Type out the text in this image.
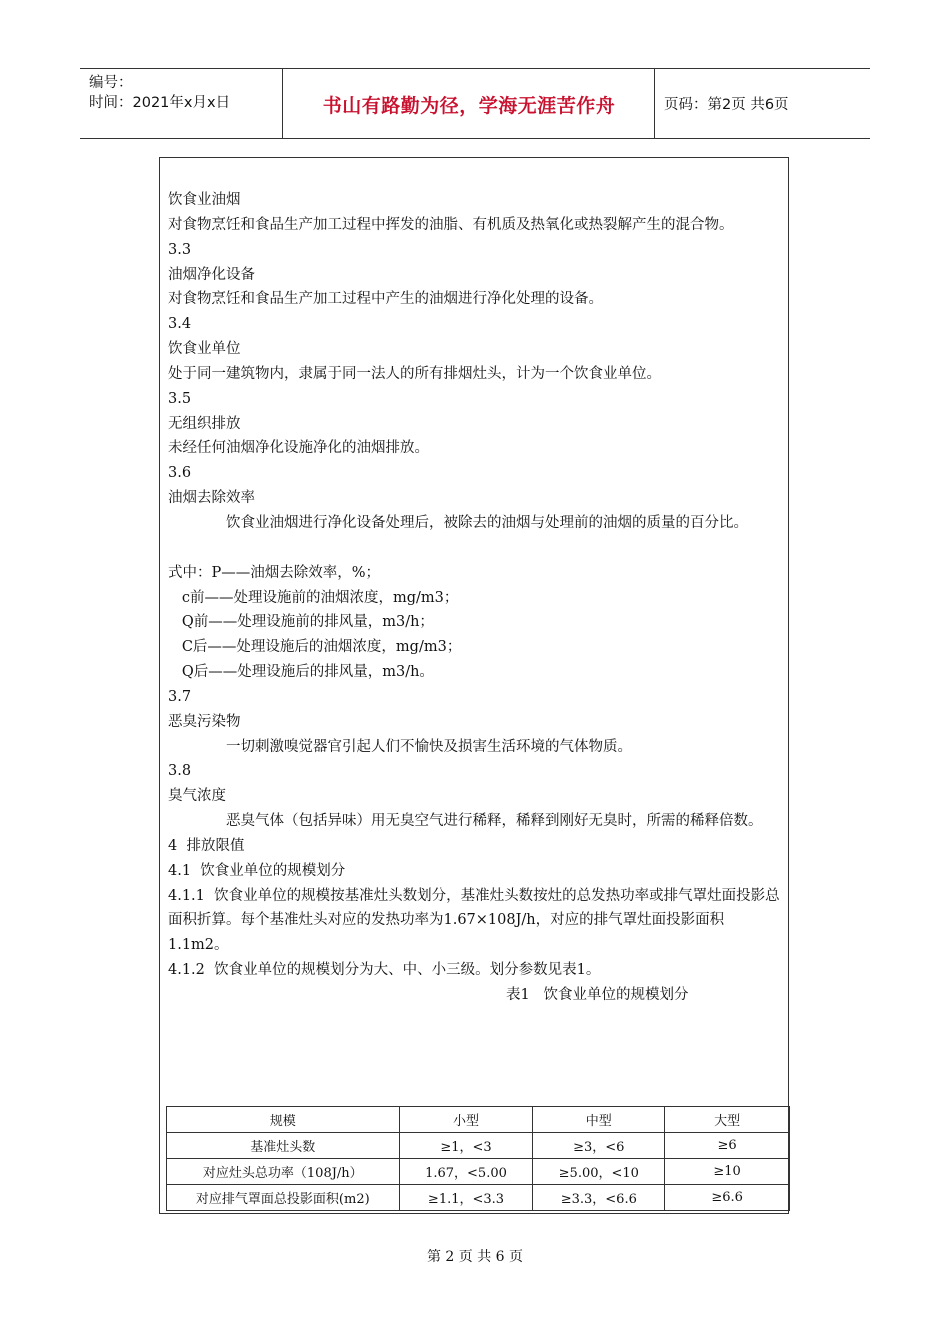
编号：
时间：2021年x月x日	书山有路勤为径，学海无涯苦作舟	页码：第2页 共6页

饮食业油烟

对食物烹饪和食品生产加工过程中挥发的油脂、有机质及热氧化或热裂解产生的混合物。

3.3

油烟净化设备

对食物烹饪和食品生产加工过程中产生的油烟进行净化处理的设备。

3.4

饮食业单位

处于同一建筑物内，隶属于同一法人的所有排烟灶头，计为一个饮食业单位。

3.5

无组织排放

未经任何油烟净化设施净化的油烟排放。

3.6

油烟去除效率

饮食业油烟进行净化设备处理后，被除去的油烟与处理前的油烟的质量的百分比。

式中：P——油烟去除效率，%；

c前——处理设施前的油烟浓度，mg/m3；

Q前——处理设施前的排风量，m3/h；

C后——处理设施后的油烟浓度，mg/m3；

Q后——处理设施后的排风量，m3/h。

3.7

恶臭污染物

一切刺激嗅觉器官引起人们不愉快及损害生活环境的气体物质。

3.8

臭气浓度

恶臭气体（包括异味）用无臭空气进行稀释，稀释到刚好无臭时，所需的稀释倍数。

4  排放限值

4.1  饮食业单位的规模划分

4.1.1  饮食业单位的规模按基准灶头数划分，基准灶头数按灶的总发热功率或排气罩灶面投影总面积折算。每个基准灶头对应的发热功率为1.67×108J/h，对应的排气罩灶面投影面积1.1m2。

4.1.2  饮食业单位的规模划分为大、中、小三级。划分参数见表1。

表1   饮食业单位的规模划分

规模	小型	中型	大型
基准灶头数	≥1，<3	≥3，<6	≥6
对应灶头总功率（108J/h）	1.67，<5.00	≥5.00，<10	≥10
对应排气罩面总投影面积(m2)	≥1.1，<3.3	≥3.3，<6.6	≥6.6
第 2 页 共 6 页
